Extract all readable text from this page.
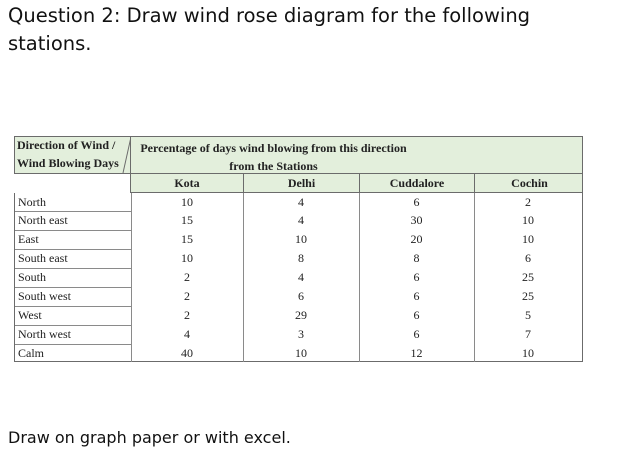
Question 2: Draw wind rose diagram for the following stations.
Direction of Wind /
Wind Blowing Days
Percentage of days wind blowing from this direction from the Stations
Kota	Delhi	Cuddalore	Cochin
North	10	4	6	2
North east	15	4	30	10
East	15	10	20	10
South east	10	8	8	6
South	2	4	6	25
South west	2	6	6	25
West	2	29	6	5
North west	4	3	6	7
Calm	40	10	12	10
Draw on graph paper or with excel.
